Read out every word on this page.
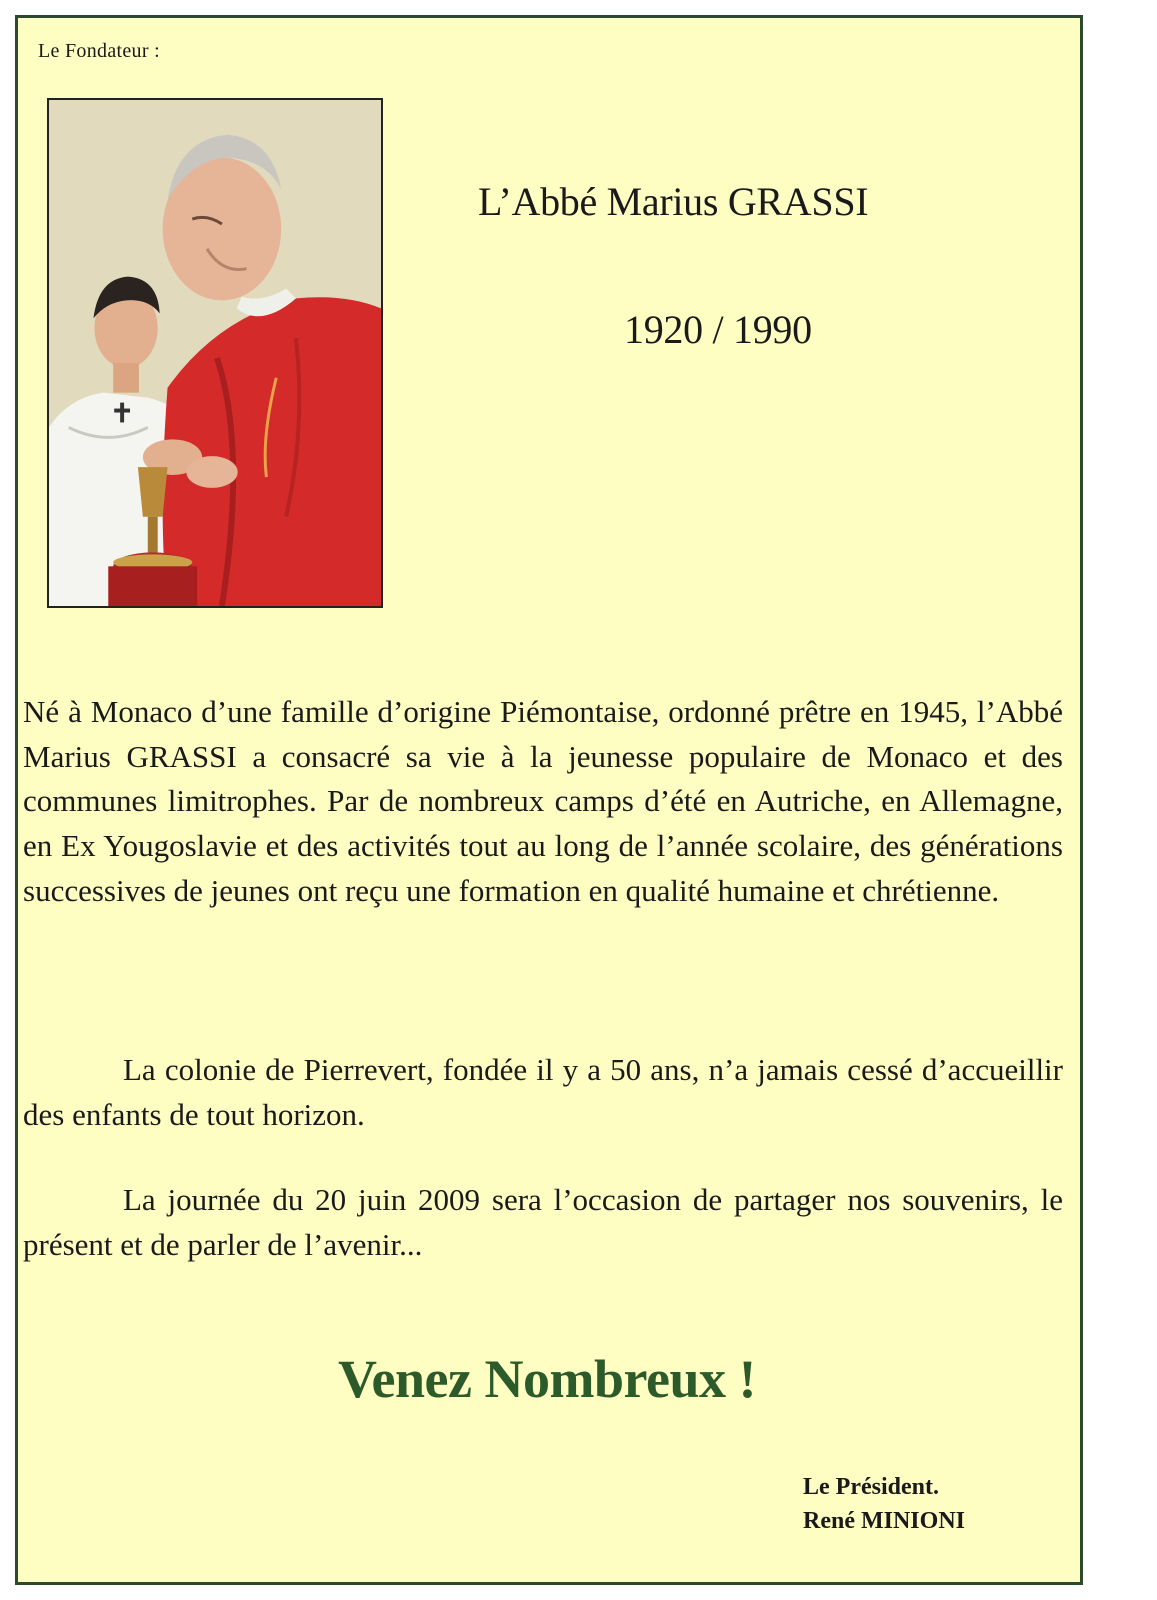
Le Fondateur :
L’Abbé Marius GRASSI
1920 / 1990

Né à Monaco d’une famille d’origine Piémontaise, ordonné prêtre en 1945, l’Abbé Marius GRASSI a consacré sa vie à la jeunesse populaire de Monaco et des communes limitrophes. Par de nombreux camps d’été en Autriche, en Allemagne, en Ex Yougoslavie et des activités tout au long de l’année scolaire, des générations successives de jeunes ont reçu une formation en qualité humaine et chrétienne.

La colonie de Pierrevert, fondée il y a 50 ans, n’a jamais cessé d’accueillir des enfants de tout horizon.

La journée du 20 juin 2009 sera l’occasion de partager nos souvenirs, le présent et de parler de l’avenir...

Venez Nombreux !
Le Président.
René MINIONI
